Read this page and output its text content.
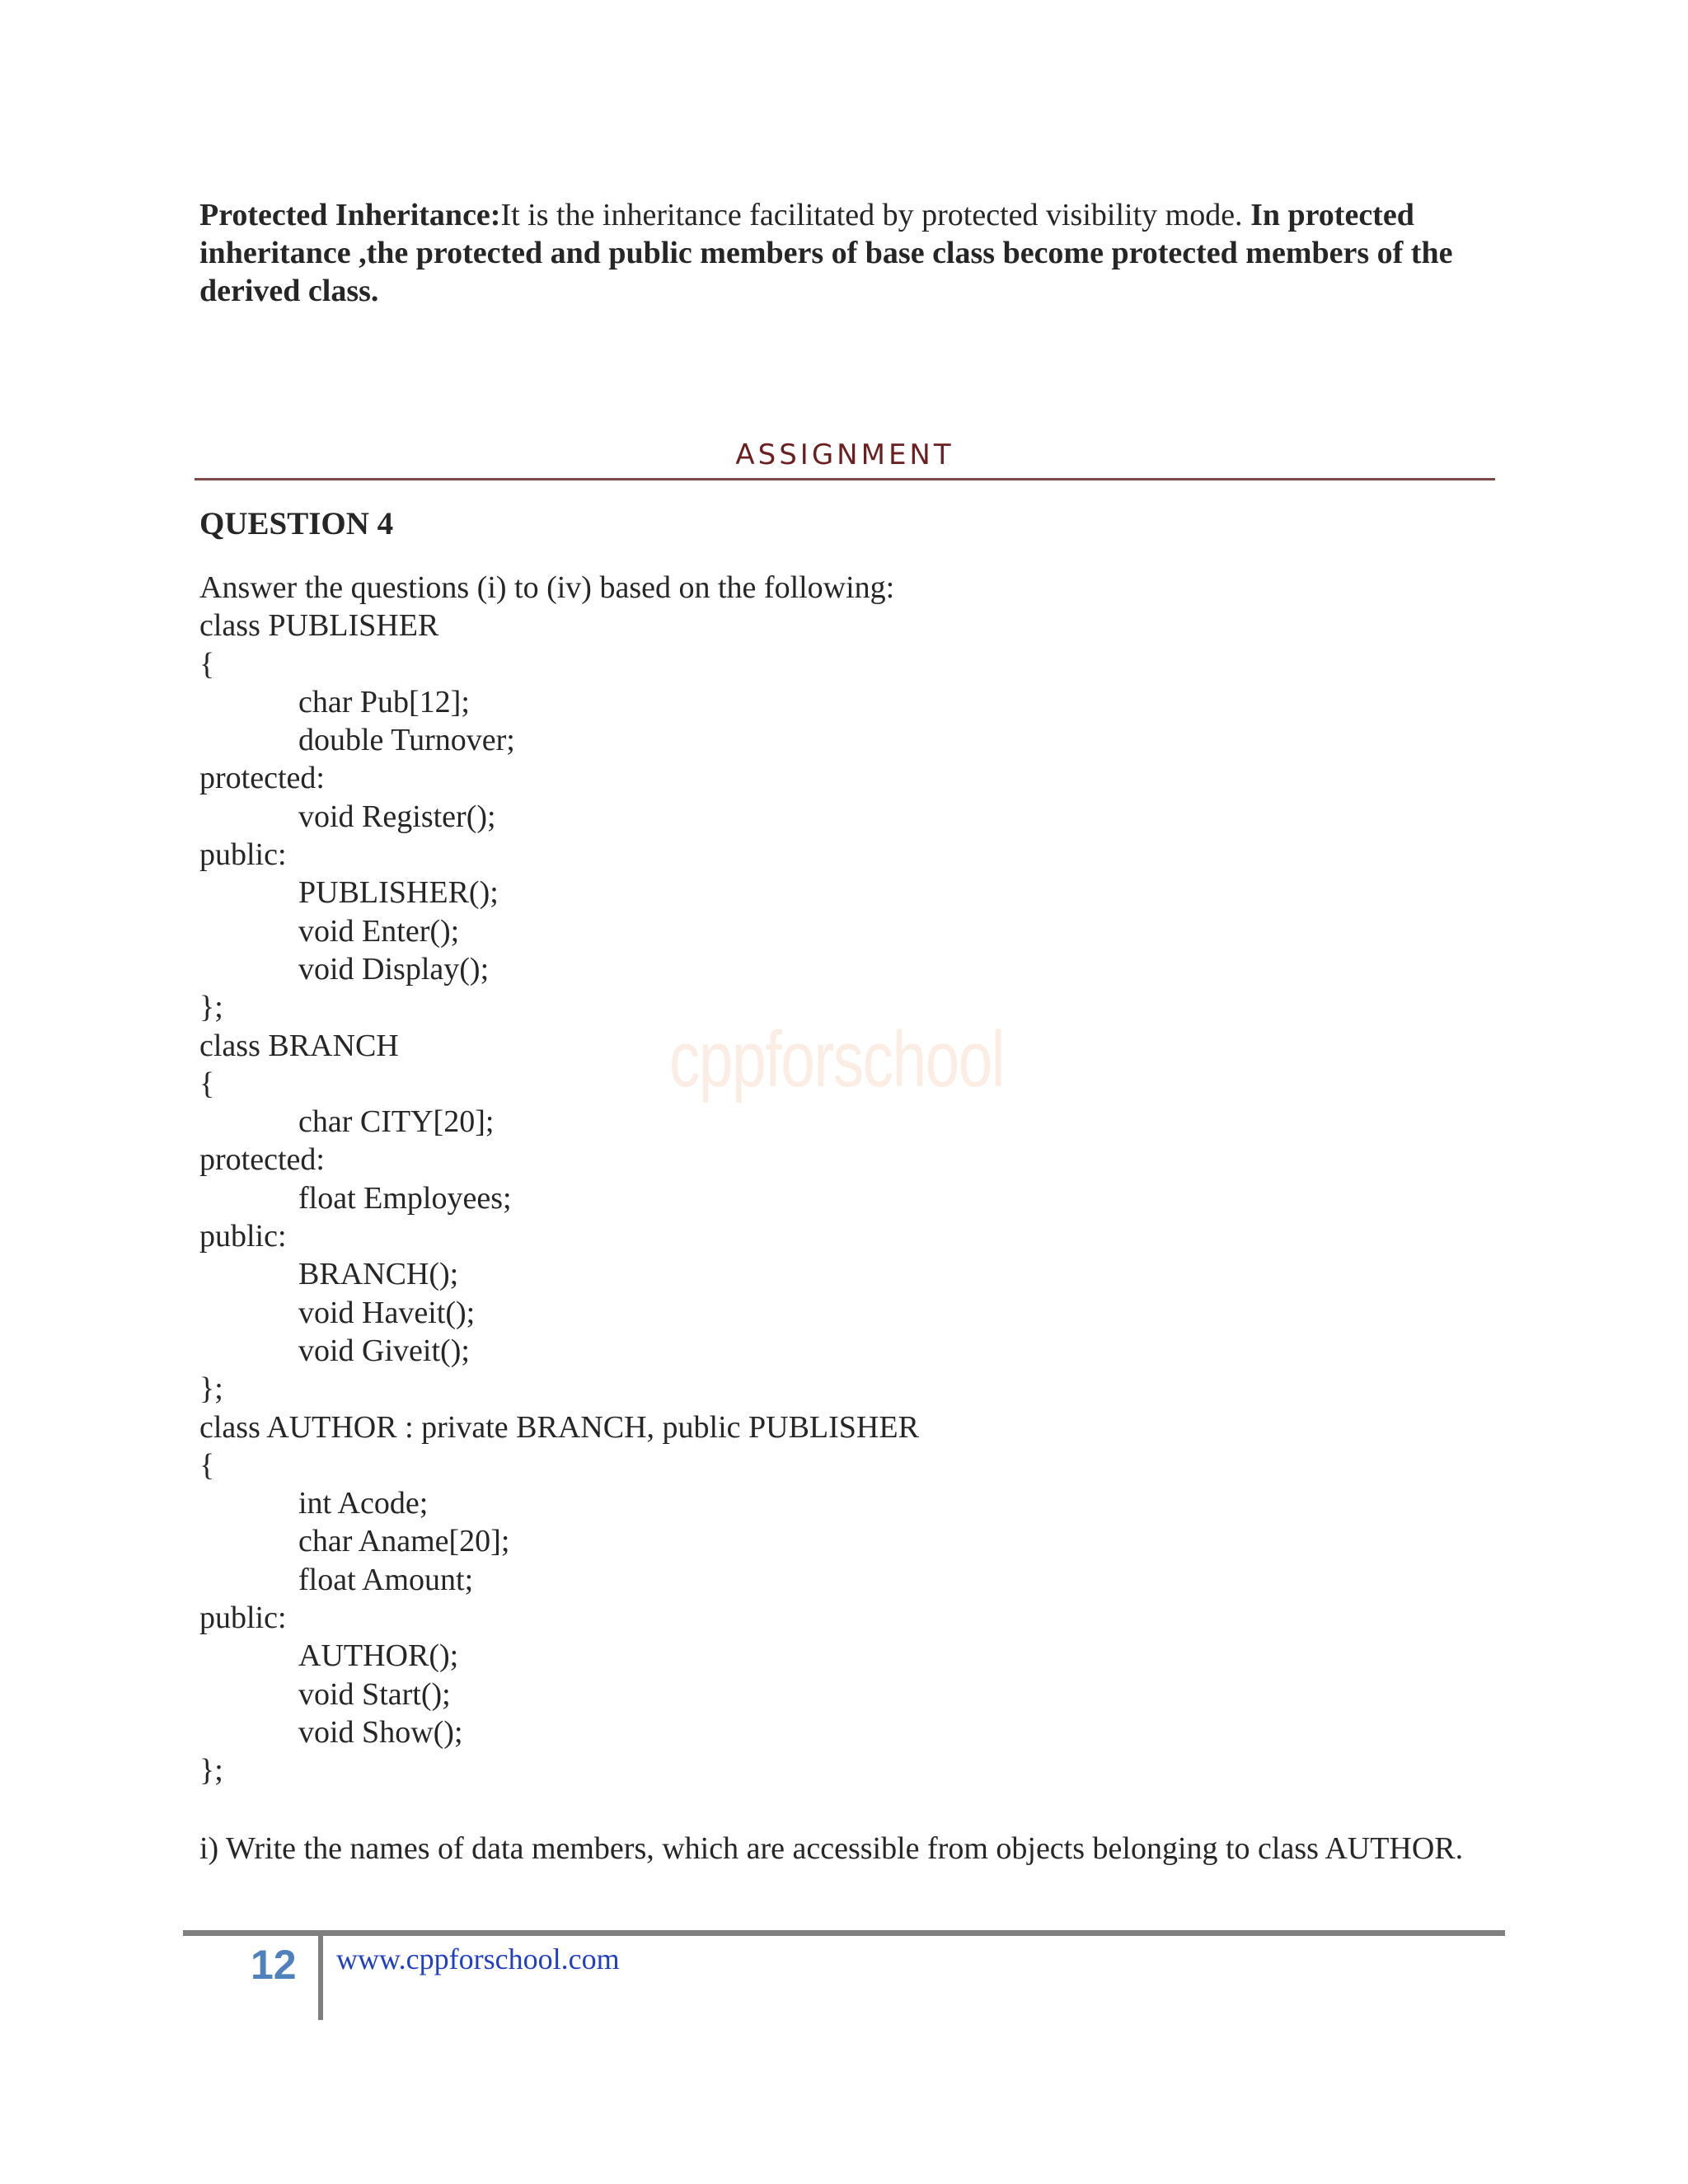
Protected Inheritance:It is the inheritance facilitated by protected visibility mode. In protected inheritance ,the protected and public members of base class become protected members of the derived class.

ASSIGNMENT
QUESTION 4
cppforschool
Answer the questions (i) to (iv) based on the following:
class PUBLISHER
{
char Pub[12];
double Turnover;
protected:
void Register();
public:
PUBLISHER();
void Enter();
void Display();
};
class BRANCH
{
char CITY[20];
protected:
float Employees;
public:
BRANCH();
void Haveit();
void Giveit();
};
class AUTHOR : private BRANCH, public PUBLISHER
{
int Acode;
char Aname[20];
float Amount;
public:
AUTHOR();
void Start();
void Show();
};

i) Write the names of data members, which are accessible from objects belonging to class AUTHOR.

12 www.cppforschool.com
